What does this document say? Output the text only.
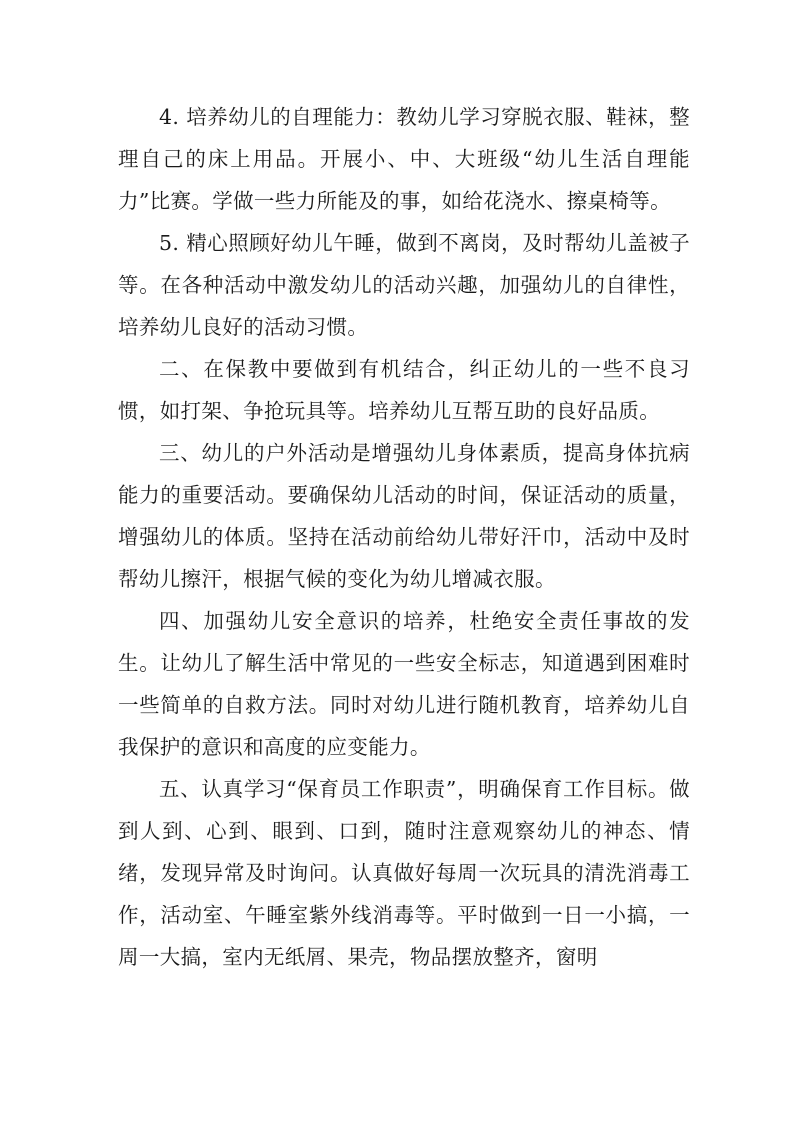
4. 培养幼儿的自理能力：教幼儿学习穿脱衣服、鞋袜，整理自己的床上用品。开展小、中、大班级“幼儿生活自理能力”比赛。学做一些力所能及的事，如给花浇水、擦桌椅等。

5. 精心照顾好幼儿午睡，做到不离岗，及时帮幼儿盖被子等。在各种活动中激发幼儿的活动兴趣，加强幼儿的自律性，培养幼儿良好的活动习惯。

二、在保教中要做到有机结合，纠正幼儿的一些不良习惯，如打架、争抢玩具等。培养幼儿互帮互助的良好品质。

三、幼儿的户外活动是增强幼儿身体素质，提高身体抗病能力的重要活动。要确保幼儿活动的时间，保证活动的质量，增强幼儿的体质。坚持在活动前给幼儿带好汗巾，活动中及时帮幼儿擦汗，根据气候的变化为幼儿增减衣服。

四、加强幼儿安全意识的培养，杜绝安全责任事故的发生。让幼儿了解生活中常见的一些安全标志，知道遇到困难时一些简单的自救方法。同时对幼儿进行随机教育，培养幼儿自我保护的意识和高度的应变能力。

五、认真学习“保育员工作职责”，明确保育工作目标。做到人到、心到、眼到、口到，随时注意观察幼儿的神态、情绪，发现异常及时询问。认真做好每周一次玩具的清洗消毒工作，活动室、午睡室紫外线消毒等。平时做到一日一小搞，一周一大搞，室内无纸屑、果壳，物品摆放整齐，窗明
